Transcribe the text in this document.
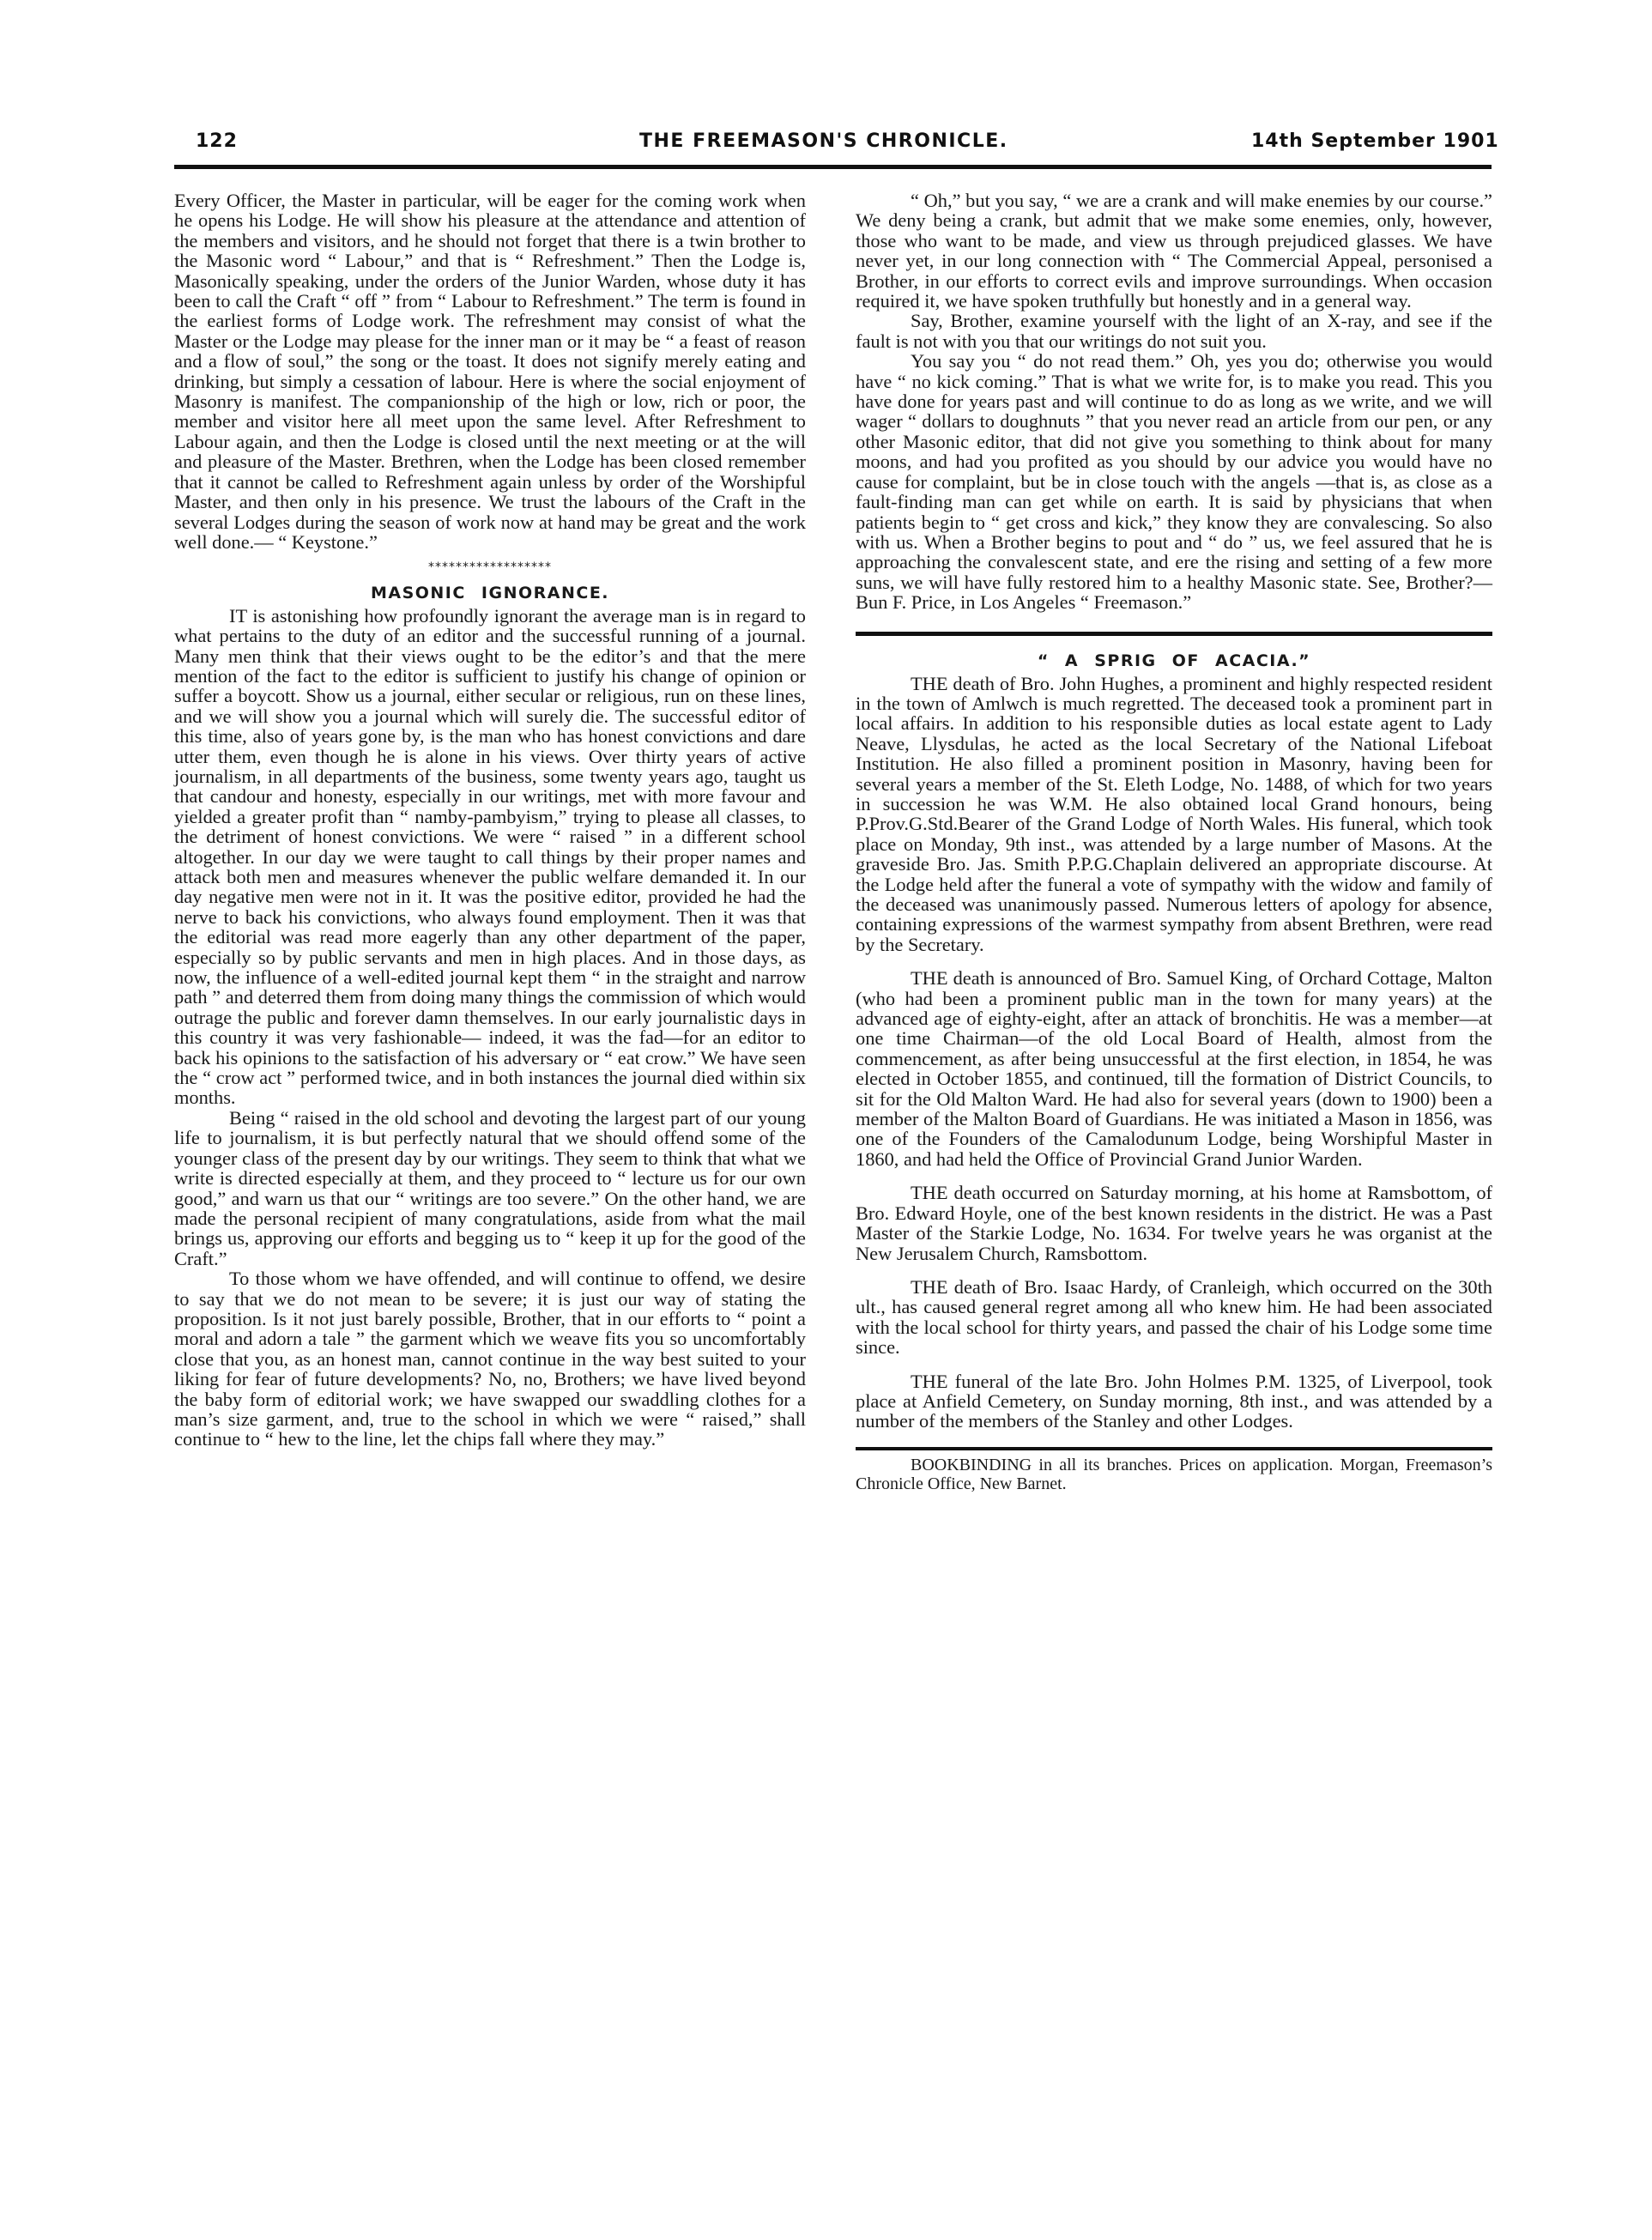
122	THE FREEMASON'S CHRONICLE.	14th September 1901

Every Officer, the Master in particular, will be eager for the coming work when he opens his Lodge. He will show his pleasure at the attendance and attention of the members and visitors, and he should not forget that there is a twin brother to the Masonic word “ Labour,” and that is “ Refreshment.” Then the Lodge is, Masonically speaking, under the orders of the Junior Warden, whose duty it has been to call the Craft “ off ” from “ Labour to Refreshment.” The term is found in the earliest forms of Lodge work. The refreshment may consist of what the Master or the Lodge may please for the inner man or it may be “ a feast of reason and a flow of soul,” the song or the toast. It does not signify merely eating and drinking, but simply a cessation of labour. Here is where the social enjoyment of Masonry is manifest. The companionship of the high or low, rich or poor, the member and visitor here all meet upon the same level. After Refreshment to Labour again, and then the Lodge is closed until the next meeting or at the will and pleasure of the Master. Brethren, when the Lodge has been closed remember that it cannot be called to Refreshment again unless by order of the Worshipful Master, and then only in his presence. We trust the labours of the Craft in the several Lodges during the season of work now at hand may be great and the work well done.— “ Keystone.”

******************
MASONIC IGNORANCE.

IT is astonishing how profoundly ignorant the average man is in regard to what pertains to the duty of an editor and the successful running of a journal. Many men think that their views ought to be the editor’s and that the mere mention of the fact to the editor is sufficient to justify his change of opinion or suffer a boycott. Show us a journal, either secular or religious, run on these lines, and we will show you a journal which will surely die. The successful editor of this time, also of years gone by, is the man who has honest convictions and dare utter them, even though he is alone in his views. Over thirty years of active journalism, in all departments of the business, some twenty years ago, taught us that candour and honesty, especially in our writings, met with more favour and yielded a greater profit than “ namby-pambyism,” trying to please all classes, to the detriment of honest convictions. We were “ raised ” in a different school altogether. In our day we were taught to call things by their proper names and attack both men and measures whenever the public welfare demanded it. In our day negative men were not in it. It was the positive editor, provided he had the nerve to back his convictions, who always found employment. Then it was that the editorial was read more eagerly than any other department of the paper, especially so by public servants and men in high places. And in those days, as now, the influence of a well-edited journal kept them “ in the straight and narrow path ” and deterred them from doing many things the commission of which would outrage the public and forever damn themselves. In our early journalistic days in this country it was very fashionable— indeed, it was the fad—for an editor to back his opinions to the satisfaction of his adversary or “ eat crow.” We have seen the “ crow act ” performed twice, and in both instances the journal died within six months.

Being “ raised in the old school and devoting the largest part of our young life to journalism, it is but perfectly natural that we should offend some of the younger class of the present day by our writings. They seem to think that what we write is directed especially at them, and they proceed to “ lecture us for our own good,” and warn us that our “ writings are too severe.” On the other hand, we are made the personal recipient of many congratulations, aside from what the mail brings us, approving our efforts and begging us to “ keep it up for the good of the Craft.”

To those whom we have offended, and will continue to offend, we desire to say that we do not mean to be severe; it is just our way of stating the proposition. Is it not just barely possible, Brother, that in our efforts to “ point a moral and adorn a tale ” the garment which we weave fits you so uncomfortably close that you, as an honest man, cannot continue in the way best suited to your liking for fear of future developments? No, no, Brothers; we have lived beyond the baby form of editorial work; we have swapped our swaddling clothes for a man’s size garment, and, true to the school in which we were “ raised,” shall continue to “ hew to the line, let the chips fall where they may.”

“ Oh,” but you say, “ we are a crank and will make enemies by our course.” We deny being a crank, but admit that we make some enemies, only, however, those who want to be made, and view us through prejudiced glasses. We have never yet, in our long connection with “ The Commercial Appeal, personised a Brother, in our efforts to correct evils and improve surroundings. When occasion required it, we have spoken truthfully but honestly and in a general way.

Say, Brother, examine yourself with the light of an X-ray, and see if the fault is not with you that our writings do not suit you.

You say you “ do not read them.” Oh, yes you do; otherwise you would have “ no kick coming.” That is what we write for, is to make you read. This you have done for years past and will continue to do as long as we write, and we will wager “ dollars to doughnuts ” that you never read an article from our pen, or any other Masonic editor, that did not give you something to think about for many moons, and had you profited as you should by our advice you would have no cause for complaint, but be in close touch with the angels —that is, as close as a fault-finding man can get while on earth. It is said by physicians that when patients begin to “ get cross and kick,” they know they are convalescing. So also with us. When a Brother begins to pout and “ do ” us, we feel assured that he is approaching the convalescent state, and ere the rising and setting of a few more suns, we will have fully restored him to a healthy Masonic state. See, Brother?—Bun F. Price, in Los Angeles “ Freemason.”

“ A SPRIG OF ACACIA.”

THE death of Bro. John Hughes, a prominent and highly respected resident in the town of Amlwch is much regretted. The deceased took a prominent part in local affairs. In addition to his responsible duties as local estate agent to Lady Neave, Llysdulas, he acted as the local Secretary of the National Lifeboat Institution. He also filled a prominent position in Masonry, having been for several years a member of the St. Eleth Lodge, No. 1488, of which for two years in succession he was W.M. He also obtained local Grand honours, being P.Prov.G.Std.Bearer of the Grand Lodge of North Wales. His funeral, which took place on Monday, 9th inst., was attended by a large number of Masons. At the graveside Bro. Jas. Smith P.P.G.Chaplain delivered an appropriate discourse. At the Lodge held after the funeral a vote of sympathy with the widow and family of the deceased was unanimously passed. Numerous letters of apology for absence, containing expressions of the warmest sympathy from absent Brethren, were read by the Secretary.

THE death is announced of Bro. Samuel King, of Orchard Cottage, Malton (who had been a prominent public man in the town for many years) at the advanced age of eighty-eight, after an attack of bronchitis. He was a member—at one time Chairman—of the old Local Board of Health, almost from the commencement, as after being unsuccessful at the first election, in 1854, he was elected in October 1855, and continued, till the formation of District Councils, to sit for the Old Malton Ward. He had also for several years (down to 1900) been a member of the Malton Board of Guardians. He was initiated a Mason in 1856, was one of the Founders of the Camalodunum Lodge, being Worshipful Master in 1860, and had held the Office of Provincial Grand Junior Warden.

THE death occurred on Saturday morning, at his home at Ramsbottom, of Bro. Edward Hoyle, one of the best known residents in the district. He was a Past Master of the Starkie Lodge, No. 1634. For twelve years he was organist at the New Jerusalem Church, Ramsbottom.

THE death of Bro. Isaac Hardy, of Cranleigh, which occurred on the 30th ult., has caused general regret among all who knew him. He had been associated with the local school for thirty years, and passed the chair of his Lodge some time since.

THE funeral of the late Bro. John Holmes P.M. 1325, of Liverpool, took place at Anfield Cemetery, on Sunday morning, 8th inst., and was attended by a number of the members of the Stanley and other Lodges.

BOOKBINDING in all its branches. Prices on application. Morgan, Freemason’s Chronicle Office, New Barnet.
